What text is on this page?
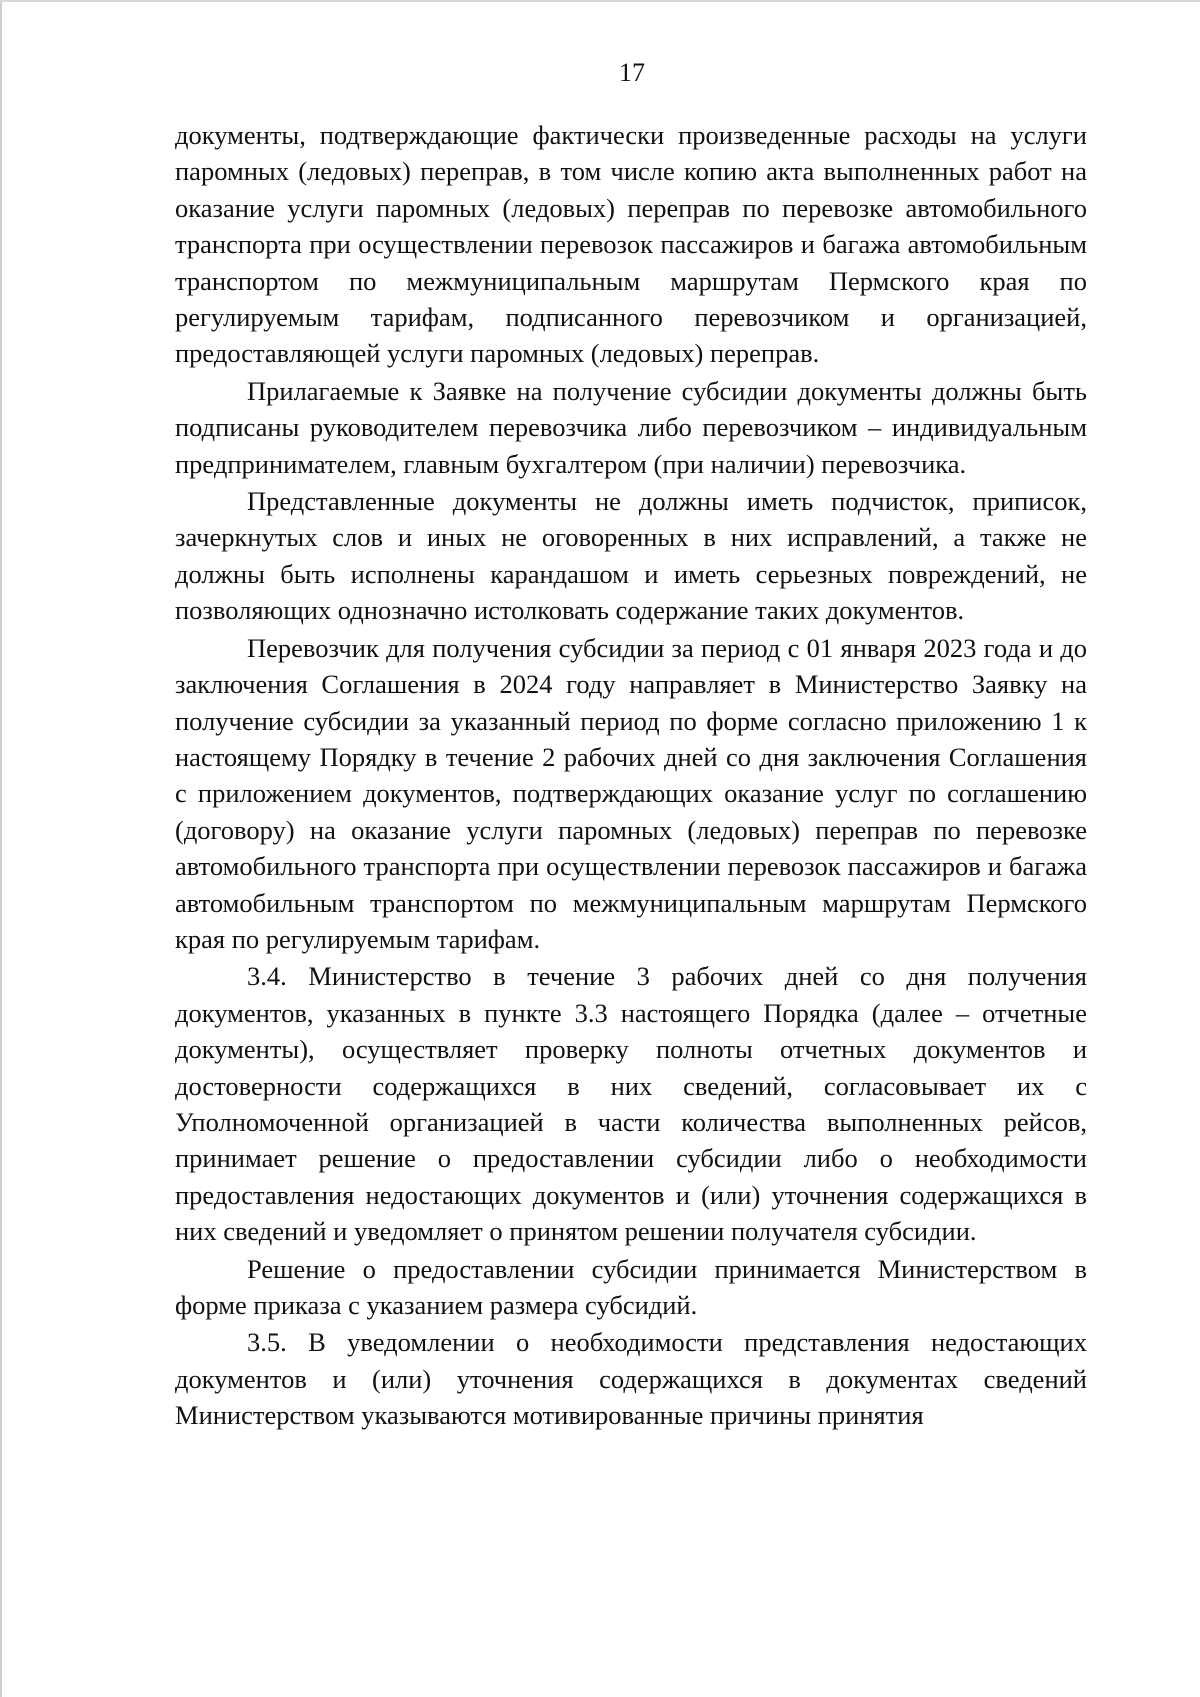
17

документы, подтверждающие фактически произведенные расходы на услуги паромных (ледовых) переправ, в том числе копию акта выполненных работ на оказание услуги паромных (ледовых) переправ по перевозке автомобильного транспорта при осуществлении перевозок пассажиров и багажа автомобильным транспортом по межмуниципальным маршрутам Пермского края по регулируемым тарифам, подписанного перевозчиком и организацией, предоставляющей услуги паромных (ледовых) переправ.

Прилагаемые к Заявке на получение субсидии документы должны быть подписаны руководителем перевозчика либо перевозчиком – индивидуальным предпринимателем, главным бухгалтером (при наличии) перевозчика.

Представленные документы не должны иметь подчисток, приписок, зачеркнутых слов и иных не оговоренных в них исправлений, а также не должны быть исполнены карандашом и иметь серьезных повреждений, не позволяющих однозначно истолковать содержание таких документов.

Перевозчик для получения субсидии за период с 01 января 2023 года и до заключения Соглашения в 2024 году направляет в Министерство Заявку на получение субсидии за указанный период по форме согласно приложению 1 к настоящему Порядку в течение 2 рабочих дней со дня заключения Соглашения с приложением документов, подтверждающих оказание услуг по соглашению (договору) на оказание услуги паромных (ледовых) переправ по перевозке автомобильного транспорта при осуществлении перевозок пассажиров и багажа автомобильным транспортом по межмуниципальным маршрутам Пермского края по регулируемым тарифам.

3.4. Министерство в течение 3 рабочих дней со дня получения документов, указанных в пункте 3.3 настоящего Порядка (далее – отчетные документы), осуществляет проверку полноты отчетных документов и достоверности содержащихся в них сведений, согласовывает их с Уполномоченной организацией в части количества выполненных рейсов, принимает решение о предоставлении субсидии либо о необходимости предоставления недостающих документов и (или) уточнения содержащихся в них сведений и уведомляет о принятом решении получателя субсидии.

Решение о предоставлении субсидии принимается Министерством в форме приказа с указанием размера субсидий.

3.5. В уведомлении о необходимости представления недостающих документов и (или) уточнения содержащихся в документах сведений Министерством указываются мотивированные причины принятия
